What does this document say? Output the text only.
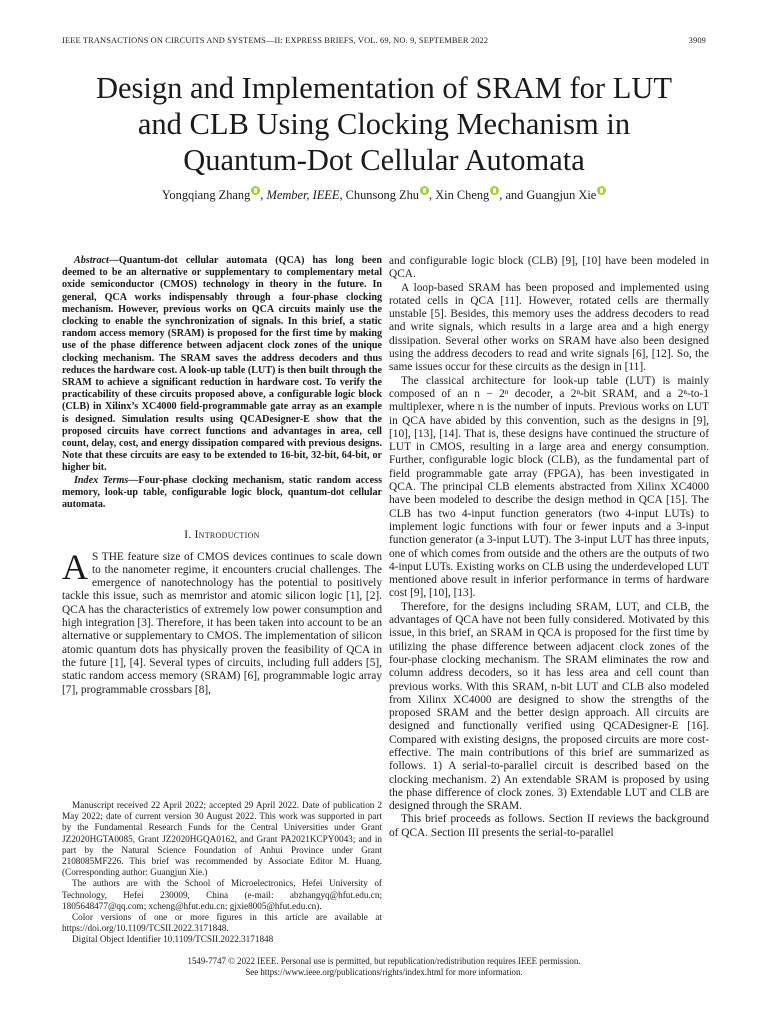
IEEE TRANSACTIONS ON CIRCUITS AND SYSTEMS—II: EXPRESS BRIEFS, VOL. 69, NO. 9, SEPTEMBER 2022	3909
Design and Implementation of SRAM for LUT
and CLB Using Clocking Mechanism in
Quantum-Dot Cellular Automata
Yongqiang Zhang , Member, IEEE, Chunsong Zhu , Xin Cheng , and Guangjun Xie

Abstract—Quantum-dot cellular automata (QCA) has long been deemed to be an alternative or supplementary to complementary metal oxide semiconductor (CMOS) technology in theory in the future. In general, QCA works indispensably through a four-phase clocking mechanism. However, previous works on QCA circuits mainly use the clocking to enable the synchronization of signals. In this brief, a static random access memory (SRAM) is proposed for the first time by making use of the phase difference between adjacent clock zones of the unique clocking mechanism. The SRAM saves the address decoders and thus reduces the hardware cost. A look-up table (LUT) is then built through the SRAM to achieve a significant reduction in hardware cost. To verify the practicability of these circuits proposed above, a configurable logic block (CLB) in Xilinx’s XC4000 field-programmable gate array as an example is designed. Simulation results using QCADesigner-E show that the proposed circuits have correct functions and advantages in area, cell count, delay, cost, and energy dissipation compared with previous designs. Note that these circuits are easy to be extended to 16-bit, 32-bit, 64-bit, or higher bit.

Index Terms—Four-phase clocking mechanism, static random access memory, look-up table, configurable logic block, quantum-dot cellular automata.

I. Introduction

A S THE feature size of CMOS devices continues to scale down to the nanometer regime, it encounters crucial challenges. The emergence of nanotechnology has the potential to positively tackle this issue, such as memristor and atomic silicon logic [1], [2]. QCA has the characteristics of extremely low power consumption and high integration [3]. Therefore, it has been taken into account to be an alternative or supplementary to CMOS. The implementation of silicon atomic quantum dots has physically proven the feasibility of QCA in the future [1], [4]. Several types of circuits, including full adders [5], static random access memory (SRAM) [6], programmable logic array [7], programmable crossbars [8],

Manuscript received 22 April 2022; accepted 29 April 2022. Date of publication 2 May 2022; date of current version 30 August 2022. This work was supported in part by the Fundamental Research Funds for the Central Universities under Grant JZ2020HGTA0085, Grant JZ2020HGQA0162, and Grant PA2021KCPY0043; and in part by the Natural Science Foundation of Anhui Province under Grant 2108085MF226. This brief was recommended by Associate Editor M. Huang. (Corresponding author: Guangjun Xie.)

The authors are with the School of Microelectronics, Hefei University of Technology, Hefei 230009, China (e-mail: abzhangyq@hfut.edu.cn; 1805648477@qq.com; xcheng@hfut.edu.cn; gjxie8005@hfut.edu.cn).

Color versions of one or more figures in this article are available at https://doi.org/10.1109/TCSII.2022.3171848.

Digital Object Identifier 10.1109/TCSII.2022.3171848

and configurable logic block (CLB) [9], [10] have been modeled in QCA.

A loop-based SRAM has been proposed and implemented using rotated cells in QCA [11]. However, rotated cells are thermally unstable [5]. Besides, this memory uses the address decoders to read and write signals, which results in a large area and a high energy dissipation. Several other works on SRAM have also been designed using the address decoders to read and write signals [6], [12]. So, the same issues occur for these circuits as the design in [11].

The classical architecture for look-up table (LUT) is mainly composed of an n − 2ⁿ decoder, a 2ⁿ-bit SRAM, and a 2ⁿ-to-1 multiplexer, where n is the number of inputs. Previous works on LUT in QCA have abided by this convention, such as the designs in [9], [10], [13], [14]. That is, these designs have continued the structure of LUT in CMOS, resulting in a large area and energy consumption. Further, configurable logic block (CLB), as the fundamental part of field programmable gate array (FPGA), has been investigated in QCA. The principal CLB elements abstracted from Xilinx XC4000 have been modeled to describe the design method in QCA [15]. The CLB has two 4-input function generators (two 4-input LUTs) to implement logic functions with four or fewer inputs and a 3-input function generator (a 3-input LUT). The 3-input LUT has three inputs, one of which comes from outside and the others are the outputs of two 4-input LUTs. Existing works on CLB using the underdeveloped LUT mentioned above result in inferior performance in terms of hardware cost [9], [10], [13].

Therefore, for the designs including SRAM, LUT, and CLB, the advantages of QCA have not been fully considered. Motivated by this issue, in this brief, an SRAM in QCA is proposed for the first time by utilizing the phase difference between adjacent clock zones of the four-phase clocking mechanism. The SRAM eliminates the row and column address decoders, so it has less area and cell count than previous works. With this SRAM, n-bit LUT and CLB also modeled from Xilinx XC4000 are designed to show the strengths of the proposed SRAM and the better design approach. All circuits are designed and functionally verified using QCADesigner-E [16]. Compared with existing designs, the proposed circuits are more cost-effective. The main contributions of this brief are summarized as follows. 1) A serial-to-parallel circuit is described based on the clocking mechanism. 2) An extendable SRAM is proposed by using the phase difference of clock zones. 3) Extendable LUT and CLB are designed through the SRAM.

This brief proceeds as follows. Section II reviews the background of QCA. Section III presents the serial-to-parallel

1549-7747 © 2022 IEEE. Personal use is permitted, but republication/redistribution requires IEEE permission.
See https://www.ieee.org/publications/rights/index.html for more information.
